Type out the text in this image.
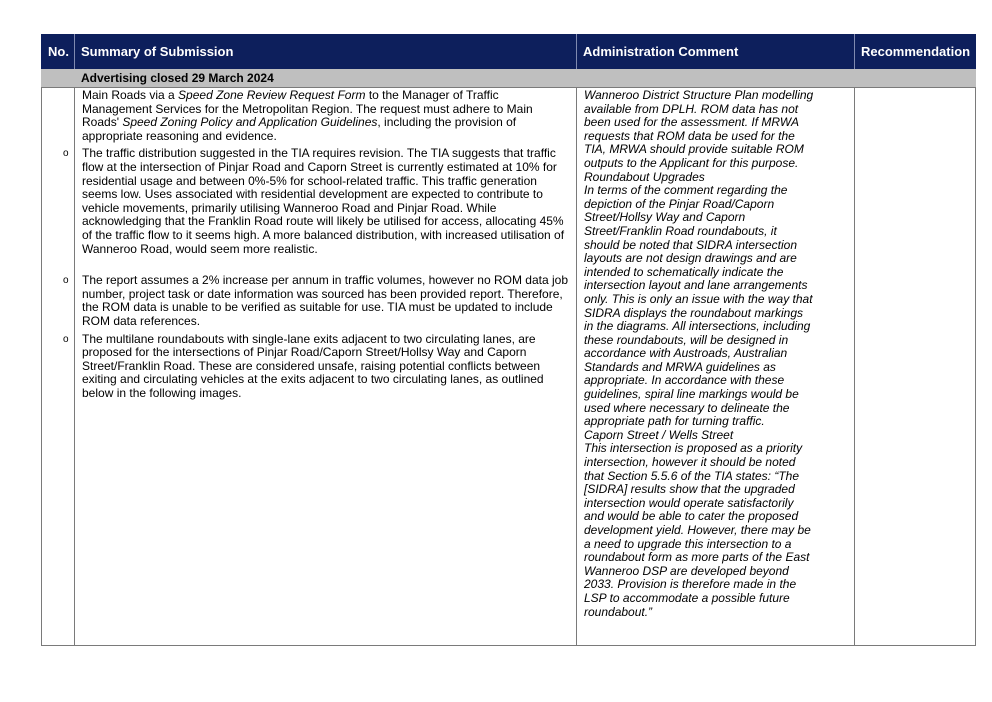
No. Summary of Submission	Administration Comment	Recommendation
Advertising closed 29 March 2024

Main Roads via a Speed Zone Review Request Form to the Manager of Traffic Management Services for the Metropolitan Region. The request must adhere to Main Roads' Speed Zoning Policy and Application Guidelines, including the provision of appropriate reasoning and evidence.

o The traffic distribution suggested in the TIA requires revision. The TIA suggests that traffic flow at the intersection of Pinjar Road and Caporn Street is currently estimated at 10% for residential usage and between 0%-5% for school-related traffic. This traffic generation seems low. Uses associated with residential development are expected to contribute to vehicle movements, primarily utilising Wanneroo Road and Pinjar Road. While acknowledging that the Franklin Road route will likely be utilised for access, allocating 45% of the traffic flow to it seems high. A more balanced distribution, with increased utilisation of Wanneroo Road, would seem more realistic.

o The report assumes a 2% increase per annum in traffic volumes, however no ROM data job number, project task or date information was sourced has been provided report. Therefore, the ROM data is unable to be verified as suitable for use. TIA must be updated to include ROM data references.

o The multilane roundabouts with single-lane exits adjacent to two circulating lanes, are proposed for the intersections of Pinjar Road/Caporn Street/Hollsy Way and Caporn Street/Franklin Road. These are considered unsafe, raising potential conflicts between exiting and circulating vehicles at the exits adjacent to two circulating lanes, as outlined below in the following images.

Wanneroo District Structure Plan modelling available from DPLH. ROM data has not been used for the assessment. If MRWA requests that ROM data be used for the TIA, MRWA should provide suitable ROM outputs to the Applicant for this purpose.

Roundabout Upgrades

In terms of the comment regarding the depiction of the Pinjar Road/Caporn Street/Hollsy Way and Caporn Street/Franklin Road roundabouts, it should be noted that SIDRA intersection layouts are not design drawings and are intended to schematically indicate the intersection layout and lane arrangements only. This is only an issue with the way that SIDRA displays the roundabout markings in the diagrams. All intersections, including these roundabouts, will be designed in accordance with Austroads, Australian Standards and MRWA guidelines as appropriate. In accordance with these guidelines, spiral line markings would be used where necessary to delineate the appropriate path for turning traffic.

Caporn Street / Wells Street

This intersection is proposed as a priority intersection, however it should be noted that Section 5.5.6 of the TIA states: “The [SIDRA] results show that the upgraded intersection would operate satisfactorily and would be able to cater the proposed development yield. However, there may be a need to upgrade this intersection to a roundabout form as more parts of the East Wanneroo DSP are developed beyond 2033. Provision is therefore made in the LSP to accommodate a possible future roundabout.”
